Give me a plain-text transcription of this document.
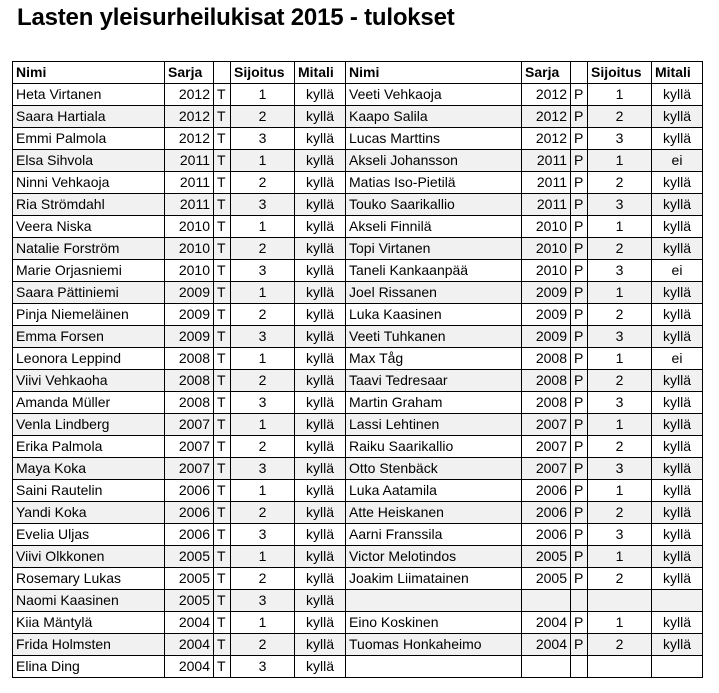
Lasten yleisurheilukisat 2015 - tulokset
Nimi	Sarja		Sijoitus	Mitali	Nimi	Sarja		Sijoitus	Mitali
Heta Virtanen	2012	T	1	kyllä	Veeti Vehkaoja	2012	P	1	kyllä
Saara Hartiala	2012	T	2	kyllä	Kaapo Salila	2012	P	2	kyllä
Emmi Palmola	2012	T	3	kyllä	Lucas Marttins	2012	P	3	kyllä
Elsa Sihvola	2011	T	1	kyllä	Akseli Johansson	2011	P	1	ei
Ninni Vehkaoja	2011	T	2	kyllä	Matias Iso-Pietilä	2011	P	2	kyllä
Ria Strömdahl	2011	T	3	kyllä	Touko Saarikallio	2011	P	3	kyllä
Veera Niska	2010	T	1	kyllä	Akseli Finnilä	2010	P	1	kyllä
Natalie Forström	2010	T	2	kyllä	Topi Virtanen	2010	P	2	kyllä
Marie Orjasniemi	2010	T	3	kyllä	Taneli Kankaanpää	2010	P	3	ei
Saara Pättiniemi	2009	T	1	kyllä	Joel Rissanen	2009	P	1	kyllä
Pinja Niemeläinen	2009	T	2	kyllä	Luka Kaasinen	2009	P	2	kyllä
Emma Forsen	2009	T	3	kyllä	Veeti Tuhkanen	2009	P	3	kyllä
Leonora Leppind	2008	T	1	kyllä	Max Tåg	2008	P	1	ei
Viivi Vehkaoha	2008	T	2	kyllä	Taavi Tedresaar	2008	P	2	kyllä
Amanda Müller	2008	T	3	kyllä	Martin Graham	2008	P	3	kyllä
Venla Lindberg	2007	T	1	kyllä	Lassi Lehtinen	2007	P	1	kyllä
Erika Palmola	2007	T	2	kyllä	Raiku Saarikallio	2007	P	2	kyllä
Maya Koka	2007	T	3	kyllä	Otto Stenbäck	2007	P	3	kyllä
Saini Rautelin	2006	T	1	kyllä	Luka Aatamila	2006	P	1	kyllä
Yandi Koka	2006	T	2	kyllä	Atte Heiskanen	2006	P	2	kyllä
Evelia Uljas	2006	T	3	kyllä	Aarni Franssila	2006	P	3	kyllä
Viivi Olkkonen	2005	T	1	kyllä	Victor Melotindos	2005	P	1	kyllä
Rosemary Lukas	2005	T	2	kyllä	Joakim Liimatainen	2005	P	2	kyllä
Naomi Kaasinen	2005	T	3	kyllä					
Kiia Mäntylä	2004	T	1	kyllä	Eino Koskinen	2004	P	1	kyllä
Frida Holmsten	2004	T	2	kyllä	Tuomas Honkaheimo	2004	P	2	kyllä
Elina Ding	2004	T	3	kyllä					
